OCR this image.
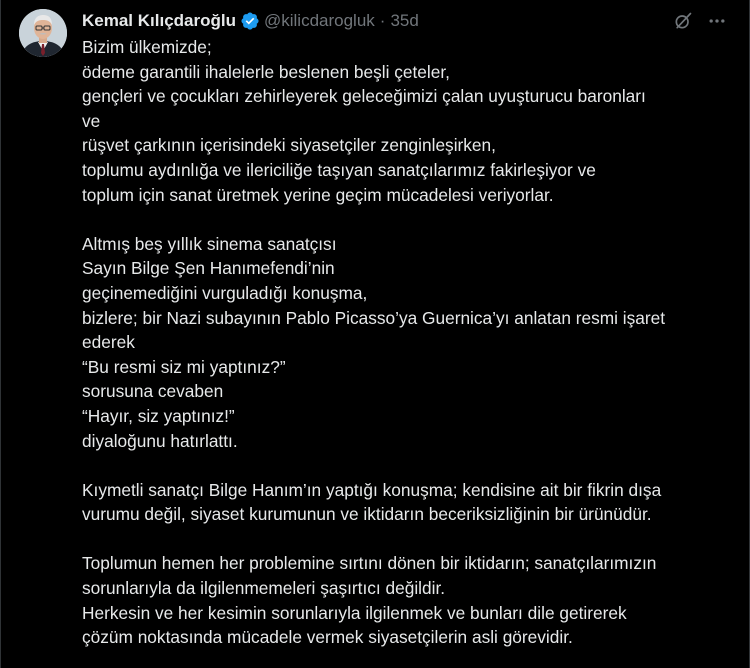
Kemal Kılıçdaroğlu @kilicdarogluk · 35d
Bizim ülkemizde;
ödeme garantili ihalelerle beslenen beşli çeteler,
gençleri ve çocukları zehirleyerek geleceğimizi çalan uyuşturucu baronları
ve
rüşvet çarkının içerisindeki siyasetçiler zenginleşirken,
toplumu aydınlığa ve ilericiliğe taşıyan sanatçılarımız fakirleşiyor ve
toplum için sanat üretmek yerine geçim mücadelesi veriyorlar.
Altmış beş yıllık sinema sanatçısı
Sayın Bilge Şen Hanımefendi’nin
geçinemediğini vurguladığı konuşma,
bizlere; bir Nazi subayının Pablo Picasso’ya Guernica’yı anlatan resmi işaret
ederek
“Bu resmi siz mi yaptınız?”
sorusuna cevaben
“Hayır, siz yaptınız!”
diyaloğunu hatırlattı.
Kıymetli sanatçı Bilge Hanım’ın yaptığı konuşma; kendisine ait bir fikrin dışa
vurumu değil, siyaset kurumunun ve iktidarın beceriksizliğinin bir ürünüdür.
Toplumun hemen her problemine sırtını dönen bir iktidarın; sanatçılarımızın
sorunlarıyla da ilgilenmemeleri şaşırtıcı değildir.
Herkesin ve her kesimin sorunlarıyla ilgilenmek ve bunları dile getirerek
çözüm noktasında mücadele vermek siyasetçilerin asli görevidir.
